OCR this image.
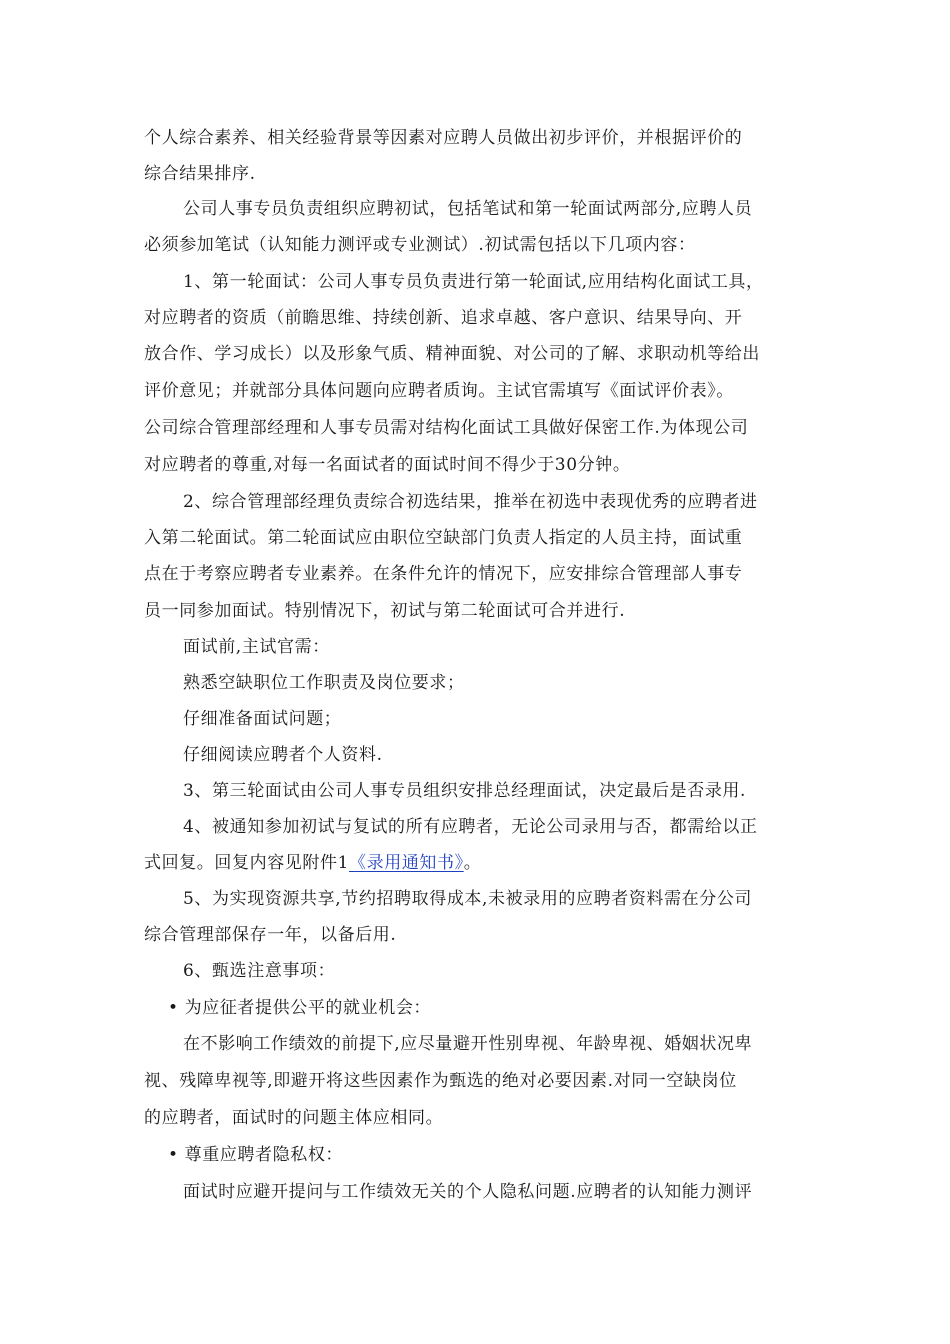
个人综合素养、相关经验背景等因素对应聘人员做出初步评价，并根据评价的
综合结果排序.
公司人事专员负责组织应聘初试，包括笔试和第一轮面试两部分,应聘人员
必须参加笔试（认知能力测评或专业测试）.初试需包括以下几项内容：
1、第一轮面试：公司人事专员负责进行第一轮面试,应用结构化面试工具，
对应聘者的资质（前瞻思维、持续创新、追求卓越、客户意识、结果导向、开
放合作、学习成长）以及形象气质、精神面貌、对公司的了解、求职动机等给出
评价意见；并就部分具体问题向应聘者质询。主试官需填写《面试评价表》。
公司综合管理部经理和人事专员需对结构化面试工具做好保密工作.为体现公司
对应聘者的尊重,对每一名面试者的面试时间不得少于30分钟。
2、综合管理部经理负责综合初选结果，推举在初选中表现优秀的应聘者进
入第二轮面试。第二轮面试应由职位空缺部门负责人指定的人员主持，面试重
点在于考察应聘者专业素养。在条件允许的情况下，应安排综合管理部人事专
员一同参加面试。特别情况下，初试与第二轮面试可合并进行.
面试前,主试官需：
熟悉空缺职位工作职责及岗位要求；
仔细准备面试问题；
仔细阅读应聘者个人资料.
3、第三轮面试由公司人事专员组织安排总经理面试，决定最后是否录用.
4、被通知参加初试与复试的所有应聘者，无论公司录用与否，都需给以正
式回复。回复内容见附件1《录用通知书》。
5、为实现资源共享,节约招聘取得成本,未被录用的应聘者资料需在分公司
综合管理部保存一年，以备后用.
6、甄选注意事项：
• 为应征者提供公平的就业机会：
在不影响工作绩效的前提下,应尽量避开性别卑视、年龄卑视、婚姻状况卑
视、残障卑视等,即避开将这些因素作为甄选的绝对必要因素.对同一空缺岗位
的应聘者，面试时的问题主体应相同。
• 尊重应聘者隐私权：
面试时应避开提问与工作绩效无关的个人隐私问题.应聘者的认知能力测评
